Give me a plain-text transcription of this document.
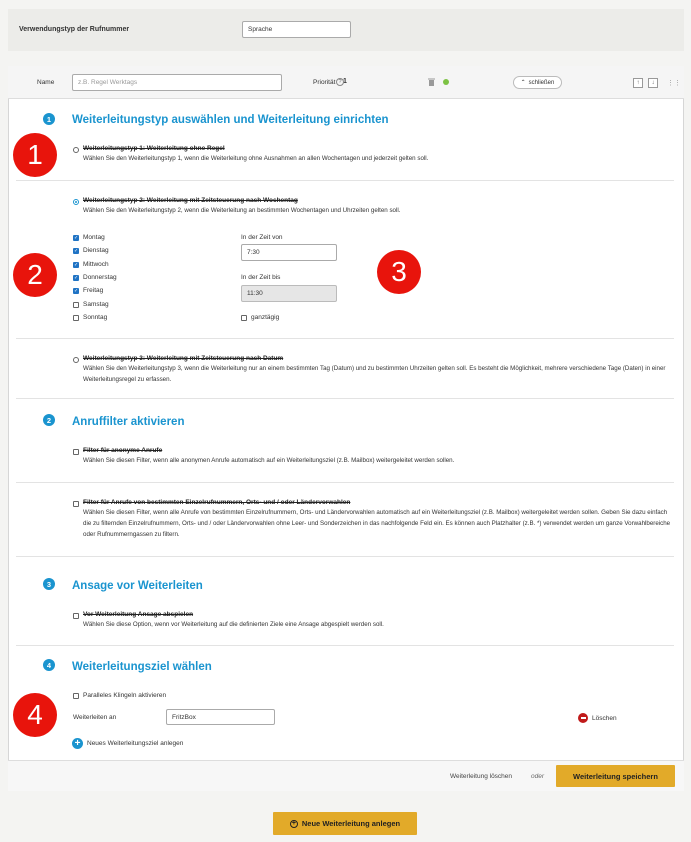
Verwendungstyp der Rufnummer	Sprache
Name	z.B. Regel Werktags	Priorität 1
?	⌃ schließen	↑	↓	⋮⋮
1	Weiterleitungstyp auswählen und Weiterleitung einrichten
Weiterleitungstyp 1: Weiterleitung ohne Regel
Wählen Sie den Weiterleitungstyp 1, wenn die Weiterleitung ohne Ausnahmen an allen Wochentagen und jederzeit gelten soll.
Weiterleitungstyp 2: Weiterleitung mit Zeitsteuerung nach Wochentag
Wählen Sie den Weiterleitungstyp 2, wenn die Weiterleitung an bestimmten Wochentagen und Uhrzeiten gelten soll.
✓ Montag
✓ Dienstag
✓ Mittwoch
✓ Donnerstag
✓ Freitag
Samstag
Sonntag
In der Zeit von
7:30
In der Zeit bis
11:30
ganztägig
Weiterleitungstyp 3: Weiterleitung mit Zeitsteuerung nach Datum
Wählen Sie den Weiterleitungstyp 3, wenn die Weiterleitung nur an einem bestimmten Tag (Datum) und zu bestimmten Uhrzeiten gelten soll. Es besteht die Möglichkeit, mehrere verschiedene Tage (Daten) in einer Weiterleitungsregel zu erfassen.
2	Anruffilter aktivieren
Filter für anonyme Anrufe
Wählen Sie diesen Filter, wenn alle anonymen Anrufe automatisch auf ein Weiterleitungsziel (z.B. Mailbox) weitergeleitet werden sollen.
Filter für Anrufe von bestimmten Einzelrufnummern, Orts- und / oder Ländervorwahlen
Wählen Sie diesen Filter, wenn alle Anrufe von bestimmten Einzelrufnummern, Orts- und Ländervorwahlen automatisch auf ein Weiterleitungsziel (z.B. Mailbox) weitergeleitet werden sollen. Geben Sie dazu einfach die zu filternden Einzelrufnummern, Orts- und / oder Ländervorwahlen ohne Leer- und Sonderzeichen in das nachfolgende Feld ein. Es können auch Platzhalter (z.B. *) verwendet werden um ganze Vorwahlbereiche oder Rufnummerngassen zu filtern.
3	Ansage vor Weiterleiten
Vor Weiterleitung Ansage abspielen
Wählen Sie diese Option, wenn vor Weiterleitung auf die definierten Ziele eine Ansage abgespielt werden soll.
4	Weiterleitungsziel wählen
Paralleles Klingeln aktivieren
Weiterleiten an	FritzBox	Löschen
+	Neues Weiterleitungsziel anlegen
Weiterleitung löschen	oder	Weiterleitung speichern
+ Neue Weiterleitung anlegen
1
2	3
4
